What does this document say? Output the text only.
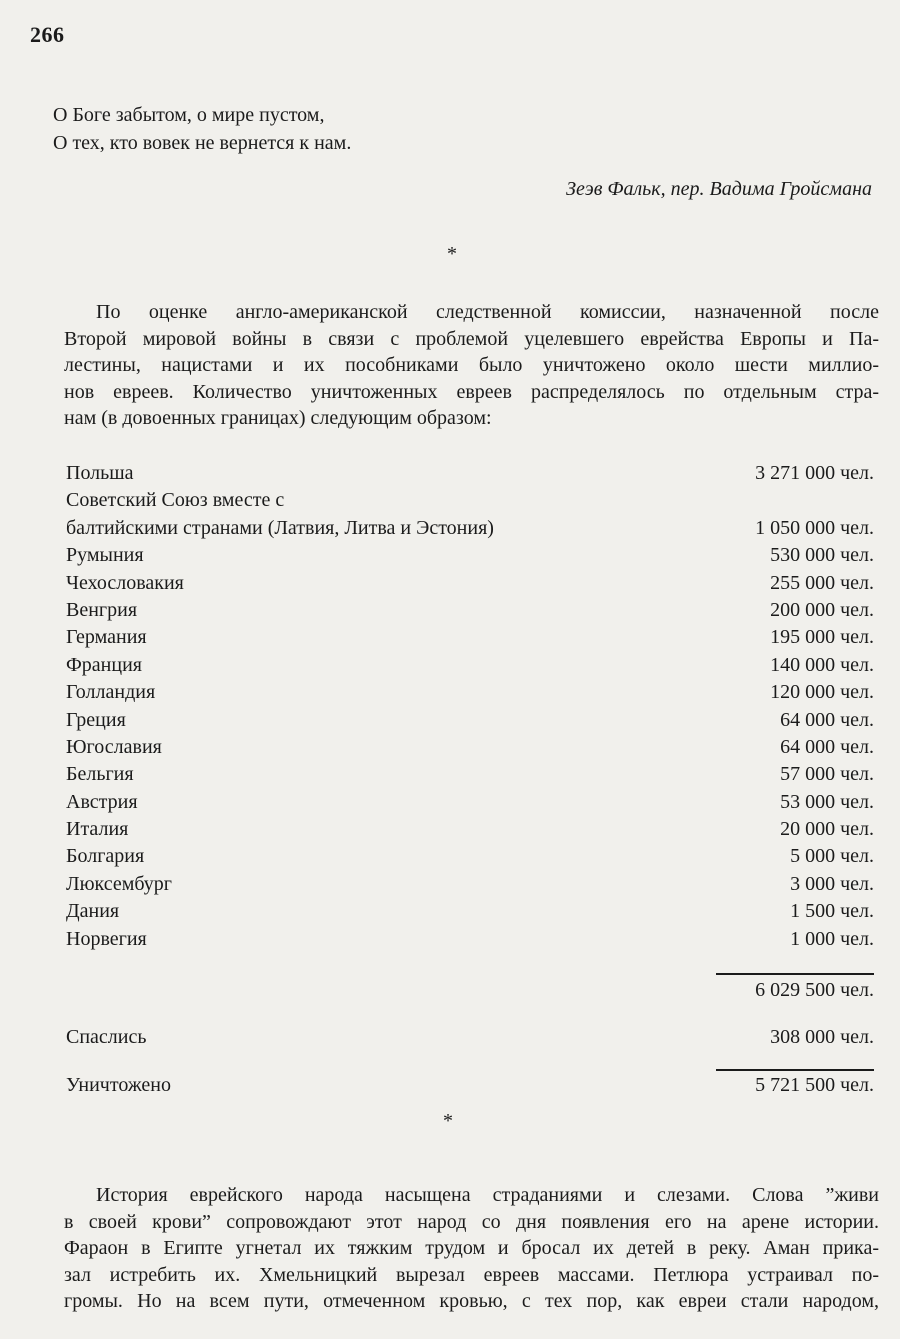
266
О Боге забытом, о мире пустом,
О тех, кто вовек не вернется к нам.
Зеэв Фальк, пер. Вадима Гройсмана
*
По оценке англо-американской следственной комиссии, назначенной после
Второй мировой войны в связи с проблемой уцелевшего еврейства Европы и Па-
лестины, нацистами и их пособниками было уничтожено около шести миллио-
нов евреев. Количество уничтоженных евреев распределялось по отдельным стра-
нам (в довоенных границах) следующим образом:
Польша	3 271 000 чел.
Советский Союз вместе с
балтийскими странами (Латвия, Литва и Эстония)	1 050 000 чел.
Румыния	530 000 чел.
Чехословакия	255 000 чел.
Венгрия	200 000 чел.
Германия	195 000 чел.
Франция	140 000 чел.
Голландия	120 000 чел.
Греция	64 000 чел.
Югославия	64 000 чел.
Бельгия	57 000 чел.
Австрия	53 000 чел.
Италия	20 000 чел.
Болгария	5 000 чел.
Люксембург	3 000 чел.
Дания	1 500 чел.
Норвегия	1 000 чел.
6 029 500 чел.
Спаслись	308 000 чел.
Уничтожено	5 721 500 чел.
*
История еврейского народа насыщена страданиями и слезами. Слова ”живи
в своей крови” сопровождают этот народ со дня появления его на арене истории.
Фараон в Египте угнетал их тяжким трудом и бросал их детей в реку. Аман прика-
зал истребить их. Хмельницкий вырезал евреев массами. Петлюра устраивал по-
громы. Но на всем пути, отмеченном кровью, с тех пор, как евреи стали народом,
